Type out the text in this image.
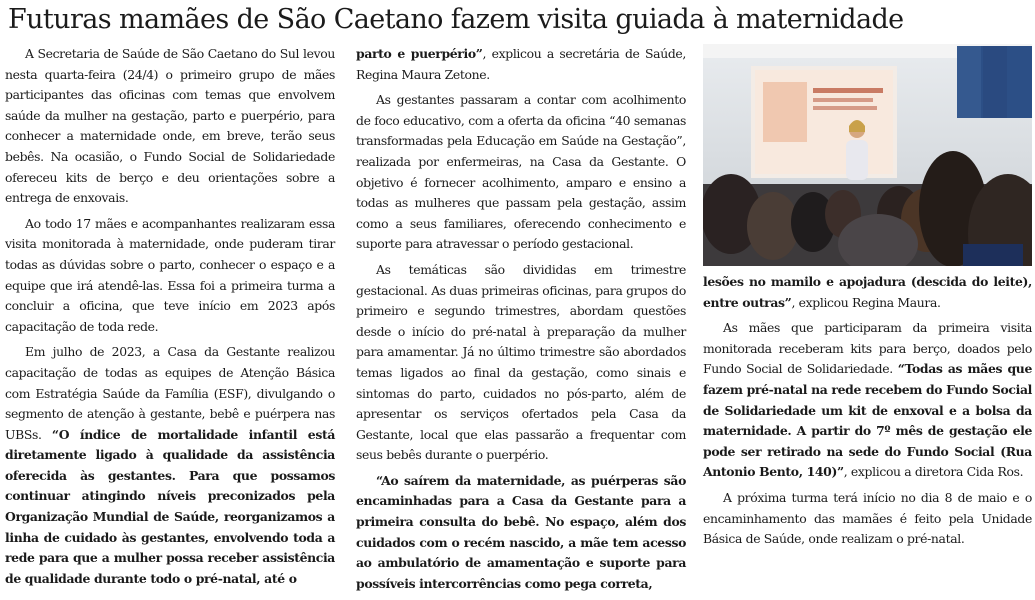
Futuras mamães de São Caetano fazem visita guiada à maternidade

A Secretaria de Saúde de São Caetano do Sul levou nesta quarta-feira (24/4) o primeiro grupo de mães participantes das oficinas com temas que envolvem saúde da mulher na gestação, parto e puerpério, para conhecer a maternidade onde, em breve, terão seus bebês. Na ocasião, o Fundo Social de Solidariedade ofereceu kits de berço e deu orientações sobre a entrega de enxovais.

Ao todo 17 mães e acompanhantes realizaram essa visita monitorada à maternidade, onde puderam tirar todas as dúvidas sobre o parto, conhecer o espaço e a equipe que irá atendê-las. Essa foi a primeira turma a concluir a oficina, que teve início em 2023 após capacitação de toda rede.

Em julho de 2023, a Casa da Gestante realizou capacitação de todas as equipes de Atenção Básica com Estratégia Saúde da Família (ESF), divulgando o segmento de atenção à gestante, bebê e puérpera nas UBSs. “O índice de mortalidade infantil está diretamente ligado à qualidade da assistência oferecida às gestantes. Para que possamos continuar atingindo níveis preconizados pela Organização Mundial de Saúde, reorganizamos a linha de cuidado às gestantes, envolvendo toda a rede para que a mulher possa receber assistência de qualidade durante todo o pré-natal, até o

parto e puerpério”, explicou a secretária de Saúde, Regina Maura Zetone.

As gestantes passaram a contar com acolhimento de foco educativo, com a oferta da oficina “40 semanas transformadas pela Educação em Saúde na Gestação”, realizada por enfermeiras, na Casa da Gestante. O objetivo é fornecer acolhimento, amparo e ensino a todas as mulheres que passam pela gestação, assim como a seus familiares, oferecendo conhecimento e suporte para atravessar o período gestacional.

As temáticas são divididas em trimestre gestacional. As duas primeiras oficinas, para grupos do primeiro e segundo trimestres, abordam questões desde o início do pré-natal à preparação da mulher para amamentar. Já no último trimestre são abordados temas ligados ao final da gestação, como sinais e sintomas do parto, cuidados no pós-parto, além de apresentar os serviços ofertados pela Casa da Gestante, local que elas passarão a frequentar com seus bebês durante o puerpério.

“Ao saírem da maternidade, as puérperas são encaminhadas para a Casa da Gestante para a primeira consulta do bebê. No espaço, além dos cuidados com o recém nascido, a mãe tem acesso ao ambulatório de amamentação e suporte para possíveis intercorrências como pega correta,

lesões no mamilo e apojadura (descida do leite), entre outras”, explicou Regina Maura.

As mães que participaram da primeira visita monitorada receberam kits para berço, doados pelo Fundo Social de Solidariedade. “Todas as mães que fazem pré-natal na rede recebem do Fundo Social de Solidariedade um kit de enxoval e a bolsa da maternidade. A partir do 7º mês de gestação ele pode ser retirado na sede do Fundo Social (Rua Antonio Bento, 140)”, explicou a diretora Cida Ros.

A próxima turma terá início no dia 8 de maio e o encaminhamento das mamães é feito pela Unidade Básica de Saúde, onde realizam o pré-natal.
